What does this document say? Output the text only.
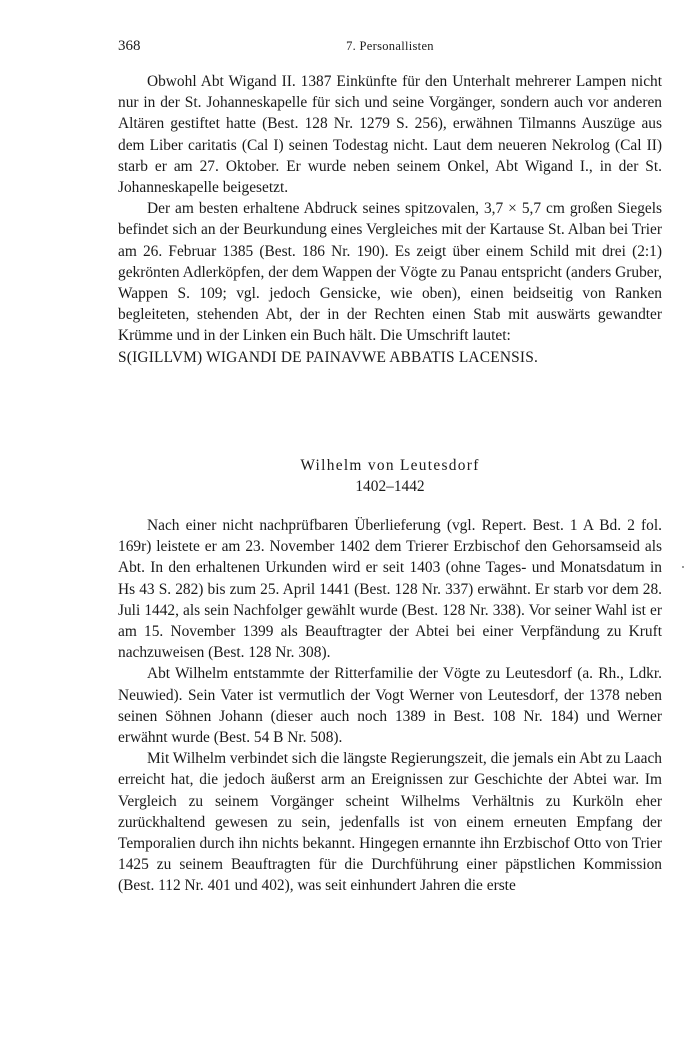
368	7. Personallisten

Obwohl Abt Wigand II. 1387 Einkünfte für den Unterhalt mehrerer Lampen nicht nur in der St. Johanneskapelle für sich und seine Vorgänger, sondern auch vor anderen Altären gestiftet hatte (Best. 128 Nr. 1279 S. 256), erwähnen Tilmanns Auszüge aus dem Liber caritatis (Cal I) seinen Todestag nicht. Laut dem neueren Nekrolog (Cal II) starb er am 27. Oktober. Er wurde neben seinem Onkel, Abt Wigand I., in der St. Johanneskapelle beigesetzt.

Der am besten erhaltene Abdruck seines spitzovalen, 3,7 × 5,7 cm großen Siegels befindet sich an der Beurkundung eines Vergleiches mit der Kartause St. Alban bei Trier am 26. Februar 1385 (Best. 186 Nr. 190). Es zeigt über einem Schild mit drei (2:1) gekrönten Adlerköpfen, der dem Wappen der Vögte zu Panau entspricht (anders Gruber, Wappen S. 109; vgl. jedoch Gensicke, wie oben), einen beidseitig von Ranken begleiteten, stehenden Abt, der in der Rechten einen Stab mit auswärts gewandter Krümme und in der Linken ein Buch hält. Die Umschrift lautet:

S(IGILLVM) WIGANDI DE PAINAVWE ABBATIS LACENSIS.

Wilhelm von Leutesdorf
1402–1442

Nach einer nicht nachprüfbaren Überlieferung (vgl. Repert. Best. 1 A Bd. 2 fol. 169r) leistete er am 23. November 1402 dem Trierer Erzbischof den Gehorsamseid als Abt. In den erhaltenen Urkunden wird er seit 1403 (ohne Tages- und Monatsdatum in Hs 43 S. 282) bis zum 25. April 1441 (Best. 128 Nr. 337) erwähnt. Er starb vor dem 28. Juli 1442, als sein Nachfolger gewählt wurde (Best. 128 Nr. 338). Vor seiner Wahl ist er am 15. November 1399 als Beauftragter der Abtei bei einer Verpfändung zu Kruft nachzuweisen (Best. 128 Nr. 308).

Abt Wilhelm entstammte der Ritterfamilie der Vögte zu Leutesdorf (a. Rh., Ldkr. Neuwied). Sein Vater ist vermutlich der Vogt Werner von Leutesdorf, der 1378 neben seinen Söhnen Johann (dieser auch noch 1389 in Best. 108 Nr. 184) und Werner erwähnt wurde (Best. 54 B Nr. 508).

Mit Wilhelm verbindet sich die längste Regierungszeit, die jemals ein Abt zu Laach erreicht hat, die jedoch äußerst arm an Ereignissen zur Geschichte der Abtei war. Im Vergleich zu seinem Vorgänger scheint Wilhelms Verhältnis zu Kurköln eher zurückhaltend gewesen zu sein, jedenfalls ist von einem erneuten Empfang der Temporalien durch ihn nichts bekannt. Hingegen ernannte ihn Erzbischof Otto von Trier 1425 zu seinem Beauftragten für die Durchführung einer päpstlichen Kommission (Best. 112 Nr. 401 und 402), was seit einhundert Jahren die erste
